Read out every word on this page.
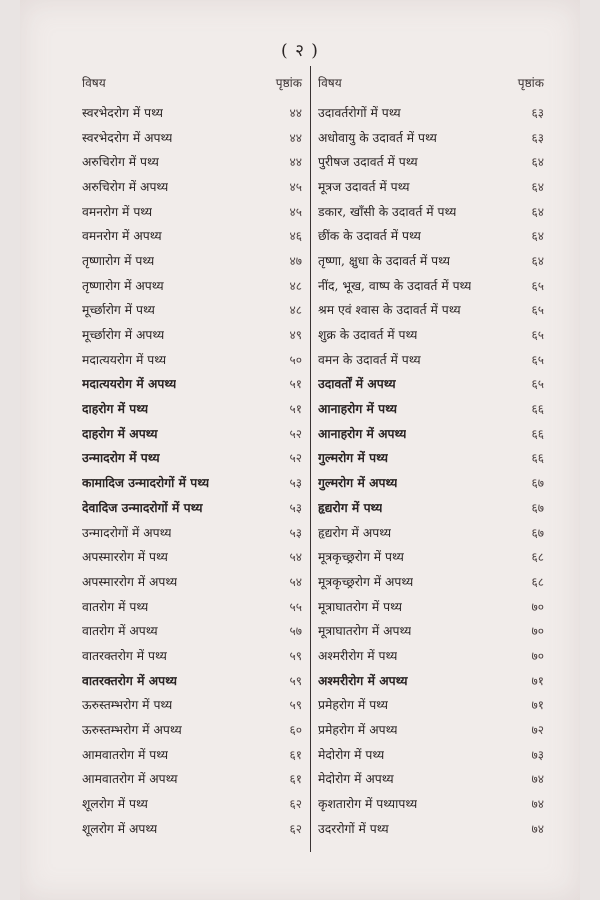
( २ )
विषय	पृष्ठांक
स्वरभेदरोग में पथ्य	४४
स्वरभेदरोग में अपथ्य	४४
अरुचिरोग में पथ्य	४४
अरुचिरोग में अपथ्य	४५
वमनरोग में पथ्य	४५
वमनरोग में अपथ्य	४६
तृष्णारोग में पथ्य	४७
तृष्णारोग में अपथ्य	४८
मूर्च्छारोग में पथ्य	४८
मूर्च्छारोग में अपथ्य	४९
मदात्ययरोग में पथ्य	५०
मदात्ययरोग में अपथ्य	५१
दाहरोग में पथ्य	५१
दाहरोग में अपथ्य	५२
उन्मादरोग में पथ्य	५२
कामादिज उन्मादरोगों में पथ्य	५३
देवादिज उन्मादरोगों में पथ्य	५३
उन्मादरोगों में अपथ्य	५३
अपस्माररोग में पथ्य	५४
अपस्माररोग में अपथ्य	५४
वातरोग में पथ्य	५५
वातरोग में अपथ्य	५७
वातरक्तरोग में पथ्य	५९
वातरक्तरोग में अपथ्य	५९
ऊरुस्तम्भरोग में पथ्य	५९
ऊरुस्तम्भरोग में अपथ्य	६०
आमवातरोग में पथ्य	६१
आमवातरोग में अपथ्य	६१
शूलरोग में पथ्य	६२
शूलरोग में अपथ्य	६२
विषय	पृष्ठांक
उदावर्तरोगों में पथ्य	६३
अधोवायु के उदावर्त में पथ्य	६३
पुरीषज उदावर्त में पथ्य	६४
मूत्रज उदावर्त में पथ्य	६४
डकार, खाँसी के उदावर्त में पथ्य	६४
छींक के उदावर्त में पथ्य	६४
तृष्णा, क्षुधा के उदावर्त में पथ्य	६४
नींद, भूख, वाष्प के उदावर्त में पथ्य	६५
श्रम एवं श्वास के उदावर्त में पथ्य	६५
शुक्र के उदावर्त में पथ्य	६५
वमन के उदावर्त में पथ्य	६५
उदावर्तों में अपथ्य	६५
आनाहरोग में पथ्य	६६
आनाहरोग में अपथ्य	६६
गुल्मरोग में पथ्य	६६
गुल्मरोग में अपथ्य	६७
हृद्यरोग में पथ्य	६७
हृद्यरोग में अपथ्य	६७
मूत्रकृच्छ्ररोग में पथ्य	६८
मूत्रकृच्छ्ररोग में अपथ्य	६८
मूत्राघातरोग में पथ्य	७०
मूत्राघातरोग में अपथ्य	७०
अश्मरीरोग में पथ्य	७०
अश्मरीरोग में अपथ्य	७१
प्रमेहरोग में पथ्य	७१
प्रमेहरोग में अपथ्य	७२
मेदोरोग में पथ्य	७३
मेदोरोग में अपथ्य	७४
कृशतारोग में पथ्यापथ्य	७४
उदररोगों में पथ्य	७४
